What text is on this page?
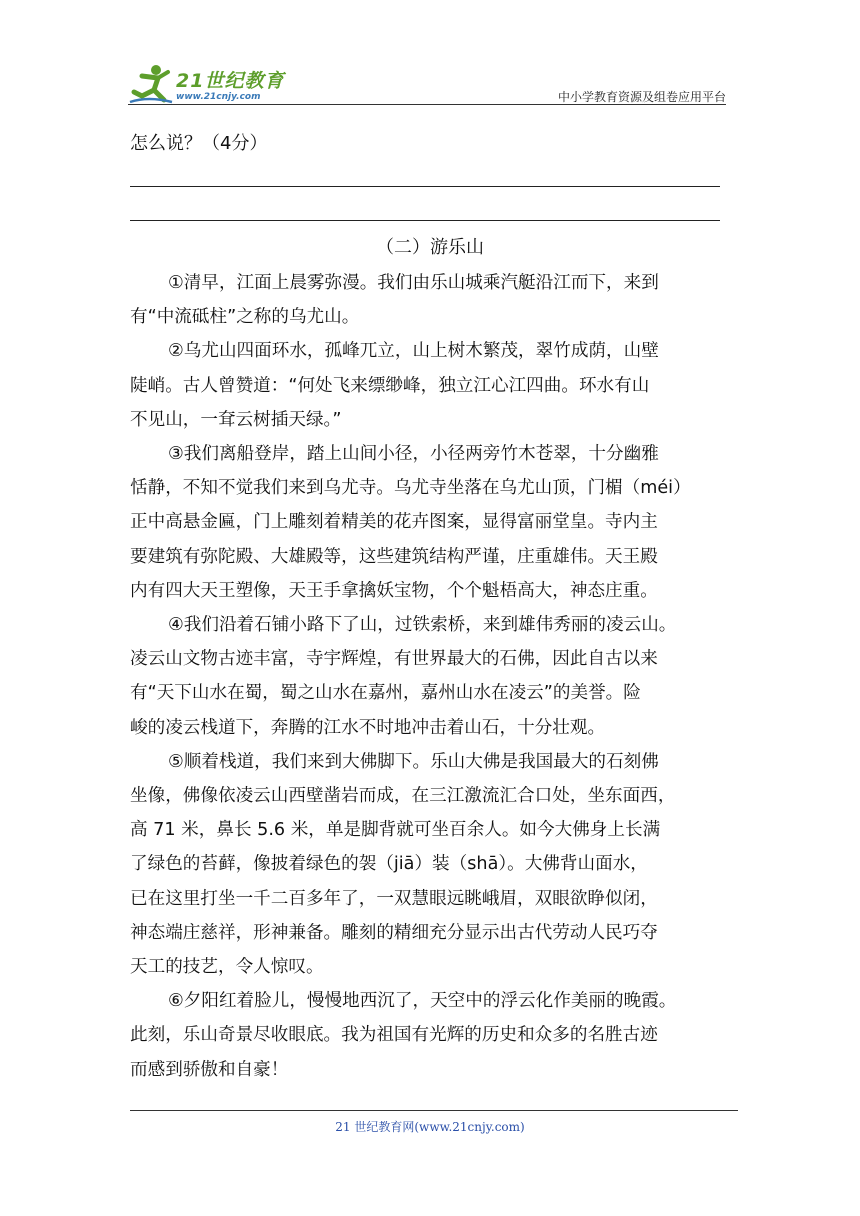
21世纪教育
www.21cnjy.com	中小学教育资源及组卷应用平台
怎么说？（4分）
（二）游乐山
①清早，江面上晨雾弥漫。我们由乐山城乘汽艇沿江而下，来到
有“中流砥柱”之称的乌尤山。
②乌尤山四面环水，孤峰兀立，山上树木繁茂，翠竹成荫，山壁
陡峭。古人曾赞道：“何处飞来缥缈峰，独立江心江四曲。环水有山
不见山，一耷云树插天绿。”
③我们离船登岸，踏上山间小径，小径两旁竹木苍翠，十分幽雅
恬静，不知不觉我们来到乌尤寺。乌尤寺坐落在乌尤山顶，门楣（méi）
正中高悬金匾，门上雕刻着精美的花卉图案，显得富丽堂皇。寺内主
要建筑有弥陀殿、大雄殿等，这些建筑结构严谨，庄重雄伟。天王殿
内有四大天王塑像，天王手拿擒妖宝物，个个魁梧高大，神态庄重。
④我们沿着石铺小路下了山，过铁索桥，来到雄伟秀丽的凌云山。
凌云山文物古迹丰富，寺宇辉煌，有世界最大的石佛，因此自古以来
有“天下山水在蜀，蜀之山水在嘉州，嘉州山水在凌云”的美誉。险
峻的凌云栈道下，奔腾的江水不时地冲击着山石，十分壮观。
⑤顺着栈道，我们来到大佛脚下。乐山大佛是我国最大的石刻佛
坐像，佛像依凌云山西壁凿岩而成，在三江激流汇合口处，坐东面西，
高 71 米，鼻长 5.6 米，单是脚背就可坐百余人。如今大佛身上长满
了绿色的苔藓，像披着绿色的袈（jiā）装（shā）。大佛背山面水，
已在这里打坐一千二百多年了，一双慧眼远眺峨眉，双眼欲睁似闭，
神态端庄慈祥，形神兼备。雕刻的精细充分显示出古代劳动人民巧夺
天工的技艺，令人惊叹。
⑥夕阳红着脸儿，慢慢地西沉了，天空中的浮云化作美丽的晚霞。
此刻，乐山奇景尽收眼底。我为祖国有光辉的历史和众多的名胜古迹
而感到骄傲和自豪！
21 世纪教育网(www.21cnjy.com)
